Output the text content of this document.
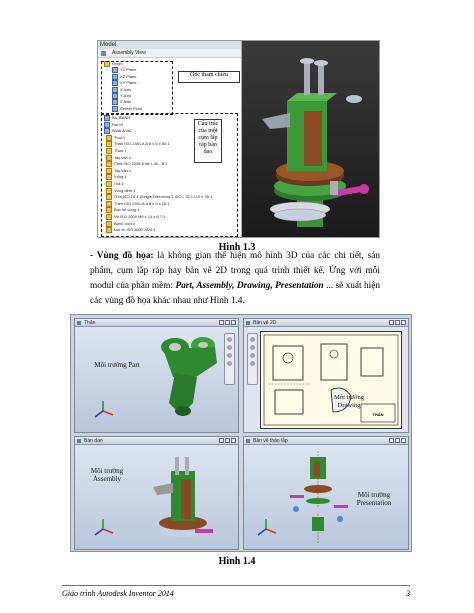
Model
Assembly View
Origin
YZ Plane
XZ Plane
XY Plane
X Axis
Y Axis
Z Axis
Center Point
Ba_BANH
Rut.M
Work Axis1
Thui:1
Than ISO 2461 A A 8 x 5 x 50:1
Than:1
Tay vặn:1
Chốt ISO 2338 6 h8 x 40 - B:1
Tay vặn:1
Vống:1
Giá:1
Vòng đệm:1
Ổ bi(ISO 15 4 (Single Direction) 2 ISO - 75 x 110 x 35:1
Then ISO 2491 A A 8 x 5 x 18:1
Bạc lót vòng:1
Vít ISO 2009 M6 x 14 x 8.7:1
Bánh xích:1
Đai ốc ISO 4032 M20:1
Gốc tham chiếu
Cấu trúc
của một
cụm lắp
ráp bàn
dao
Hình 1.3
- Vùng đồ họa: là không gian thể hiện mô hình 3D của các chi tiết, sản phẩm, cụm lắp ráp hay bản vẽ 2D trong quá trình thiết kế. Ứng với mỗi modul của phần mềm: Part, Assembly, Drawing, Presentation ... sẽ xuất hiện các vùng đồ họa khác nhau như Hình 1.4.
Thân
Môi trường Part
Bản vẽ 2D
Môi trường
Drawing
THÂN
Bàn dao
Môi trường
Assembly
Bản vẽ tháo lắp
Môi trường
Presentation
Hình 1.4
Giáo trình Autodesk Inventor 2014	3
